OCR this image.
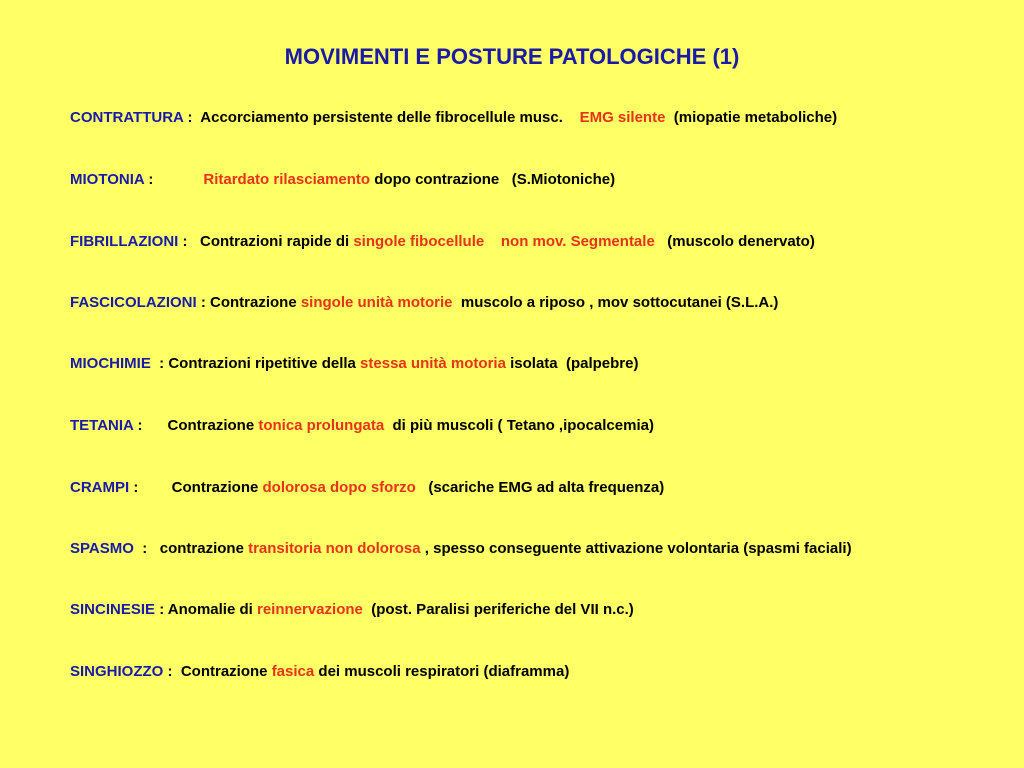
MOVIMENTI E POSTURE PATOLOGICHE (1)
CONTRATTURA :  Accorciamento persistente delle fibrocellule musc.    EMG silente  (miopatie metaboliche)
MIOTONIA :            Ritardato rilasciamento dopo contrazione   (S.Miotoniche)
FIBRILLAZIONI :   Contrazioni rapide di singole fibocellule    non mov. Segmentale   (muscolo denervato)
FASCICOLAZIONI : Contrazione singole unità motorie  muscolo a riposo , mov sottocutanei (S.L.A.)
MIOCHIMIE  : Contrazioni ripetitive della stessa unità motoria isolata  (palpebre)
TETANIA :      Contrazione tonica prolungata  di più muscoli ( Tetano ,ipocalcemia)
CRAMPI :        Contrazione dolorosa dopo sforzo   (scariche EMG ad alta frequenza)
SPASMO  :   contrazione transitoria non dolorosa , spesso conseguente attivazione volontaria (spasmi faciali)
SINCINESIE : Anomalie di reinnervazione  (post. Paralisi periferiche del VII n.c.)
SINGHIOZZO :  Contrazione fasica dei muscoli respiratori (diaframma)
